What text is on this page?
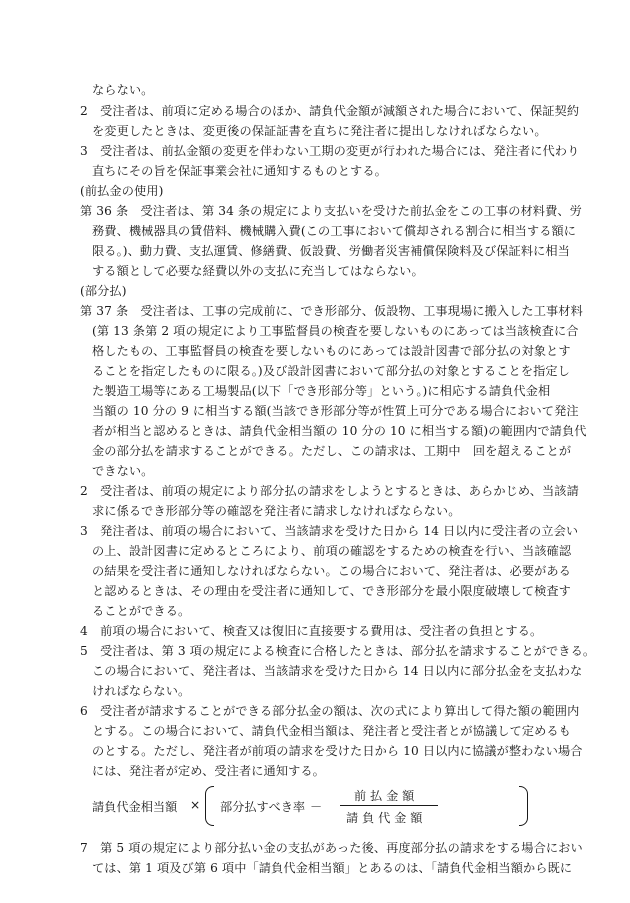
ならない。
2　受注者は、前項に定める場合のほか、請負代金額が減額された場合において、保証契約
を変更したときは、変更後の保証証書を直ちに発注者に提出しなければならない。
3　受注者は、前払金額の変更を伴わない工期の変更が行われた場合には、発注者に代わり
直ちにその旨を保証事業会社に通知するものとする。
(前払金の使用)
第 36 条　受注者は、第 34 条の規定により支払いを受けた前払金をこの工事の材料費、労
務費、機械器具の賃借料、機械購入費(この工事において償却される割合に相当する額に
限る。)、動力費、支払運賃、修繕費、仮設費、労働者災害補償保険料及び保証料に相当
する額として必要な経費以外の支払に充当してはならない。
(部分払)
第 37 条　受注者は、工事の完成前に、でき形部分、仮設物、工事現場に搬入した工事材料
(第 13 条第 2 項の規定により工事監督員の検査を要しないものにあっては当該検査に合
格したもの、工事監督員の検査を要しないものにあっては設計図書で部分払の対象とす
ることを指定したものに限る。)及び設計図書において部分払の対象とすることを指定し
た製造工場等にある工場製品(以下「でき形部分等」という。)に相応する請負代金相
当額の 10 分の 9 に相当する額(当該でき形部分等が性質上可分である場合において発注
者が相当と認めるときは、請負代金相当額の 10 分の 10 に相当する額)の範囲内で請負代
金の部分払を請求することができる。ただし、この請求は、工期中　回を超えることが
できない。
2　受注者は、前項の規定により部分払の請求をしようとするときは、あらかじめ、当該請
求に係るでき形部分等の確認を発注者に請求しなければならない。
3　発注者は、前項の場合において、当該請求を受けた日から 14 日以内に受注者の立会い
の上、設計図書に定めるところにより、前項の確認をするための検査を行い、当該確認
の結果を受注者に通知しなければならない。この場合において、発注者は、必要がある
と認めるときは、その理由を受注者に通知して、でき形部分を最小限度破壊して検査す
ることができる。
4　前項の場合において、検査又は復旧に直接要する費用は、受注者の負担とする。
5　受注者は、第 3 項の規定による検査に合格したときは、部分払を請求することができる。
この場合において、発注者は、当該請求を受けた日から 14 日以内に部分払金を支払わな
ければならない。
6　受注者が請求することができる部分払金の額は、次の式により算出して得た額の範囲内
とする。この場合において、請負代金相当額は、発注者と受注者とが協議して定めるも
のとする。ただし、発注者が前項の請求を受けた日から 10 日以内に協議が整わない場合
には、発注者が定め、受注者に通知する。
請負代金相当額 × 部分払すべき率 －
前 払 金 額
請 負 代 金 額
7　第 5 項の規定により部分払い金の支払があった後、再度部分払の請求をする場合におい
ては、第 1 項及び第 6 項中「請負代金相当額」とあるのは、「請負代金相当額から既に
